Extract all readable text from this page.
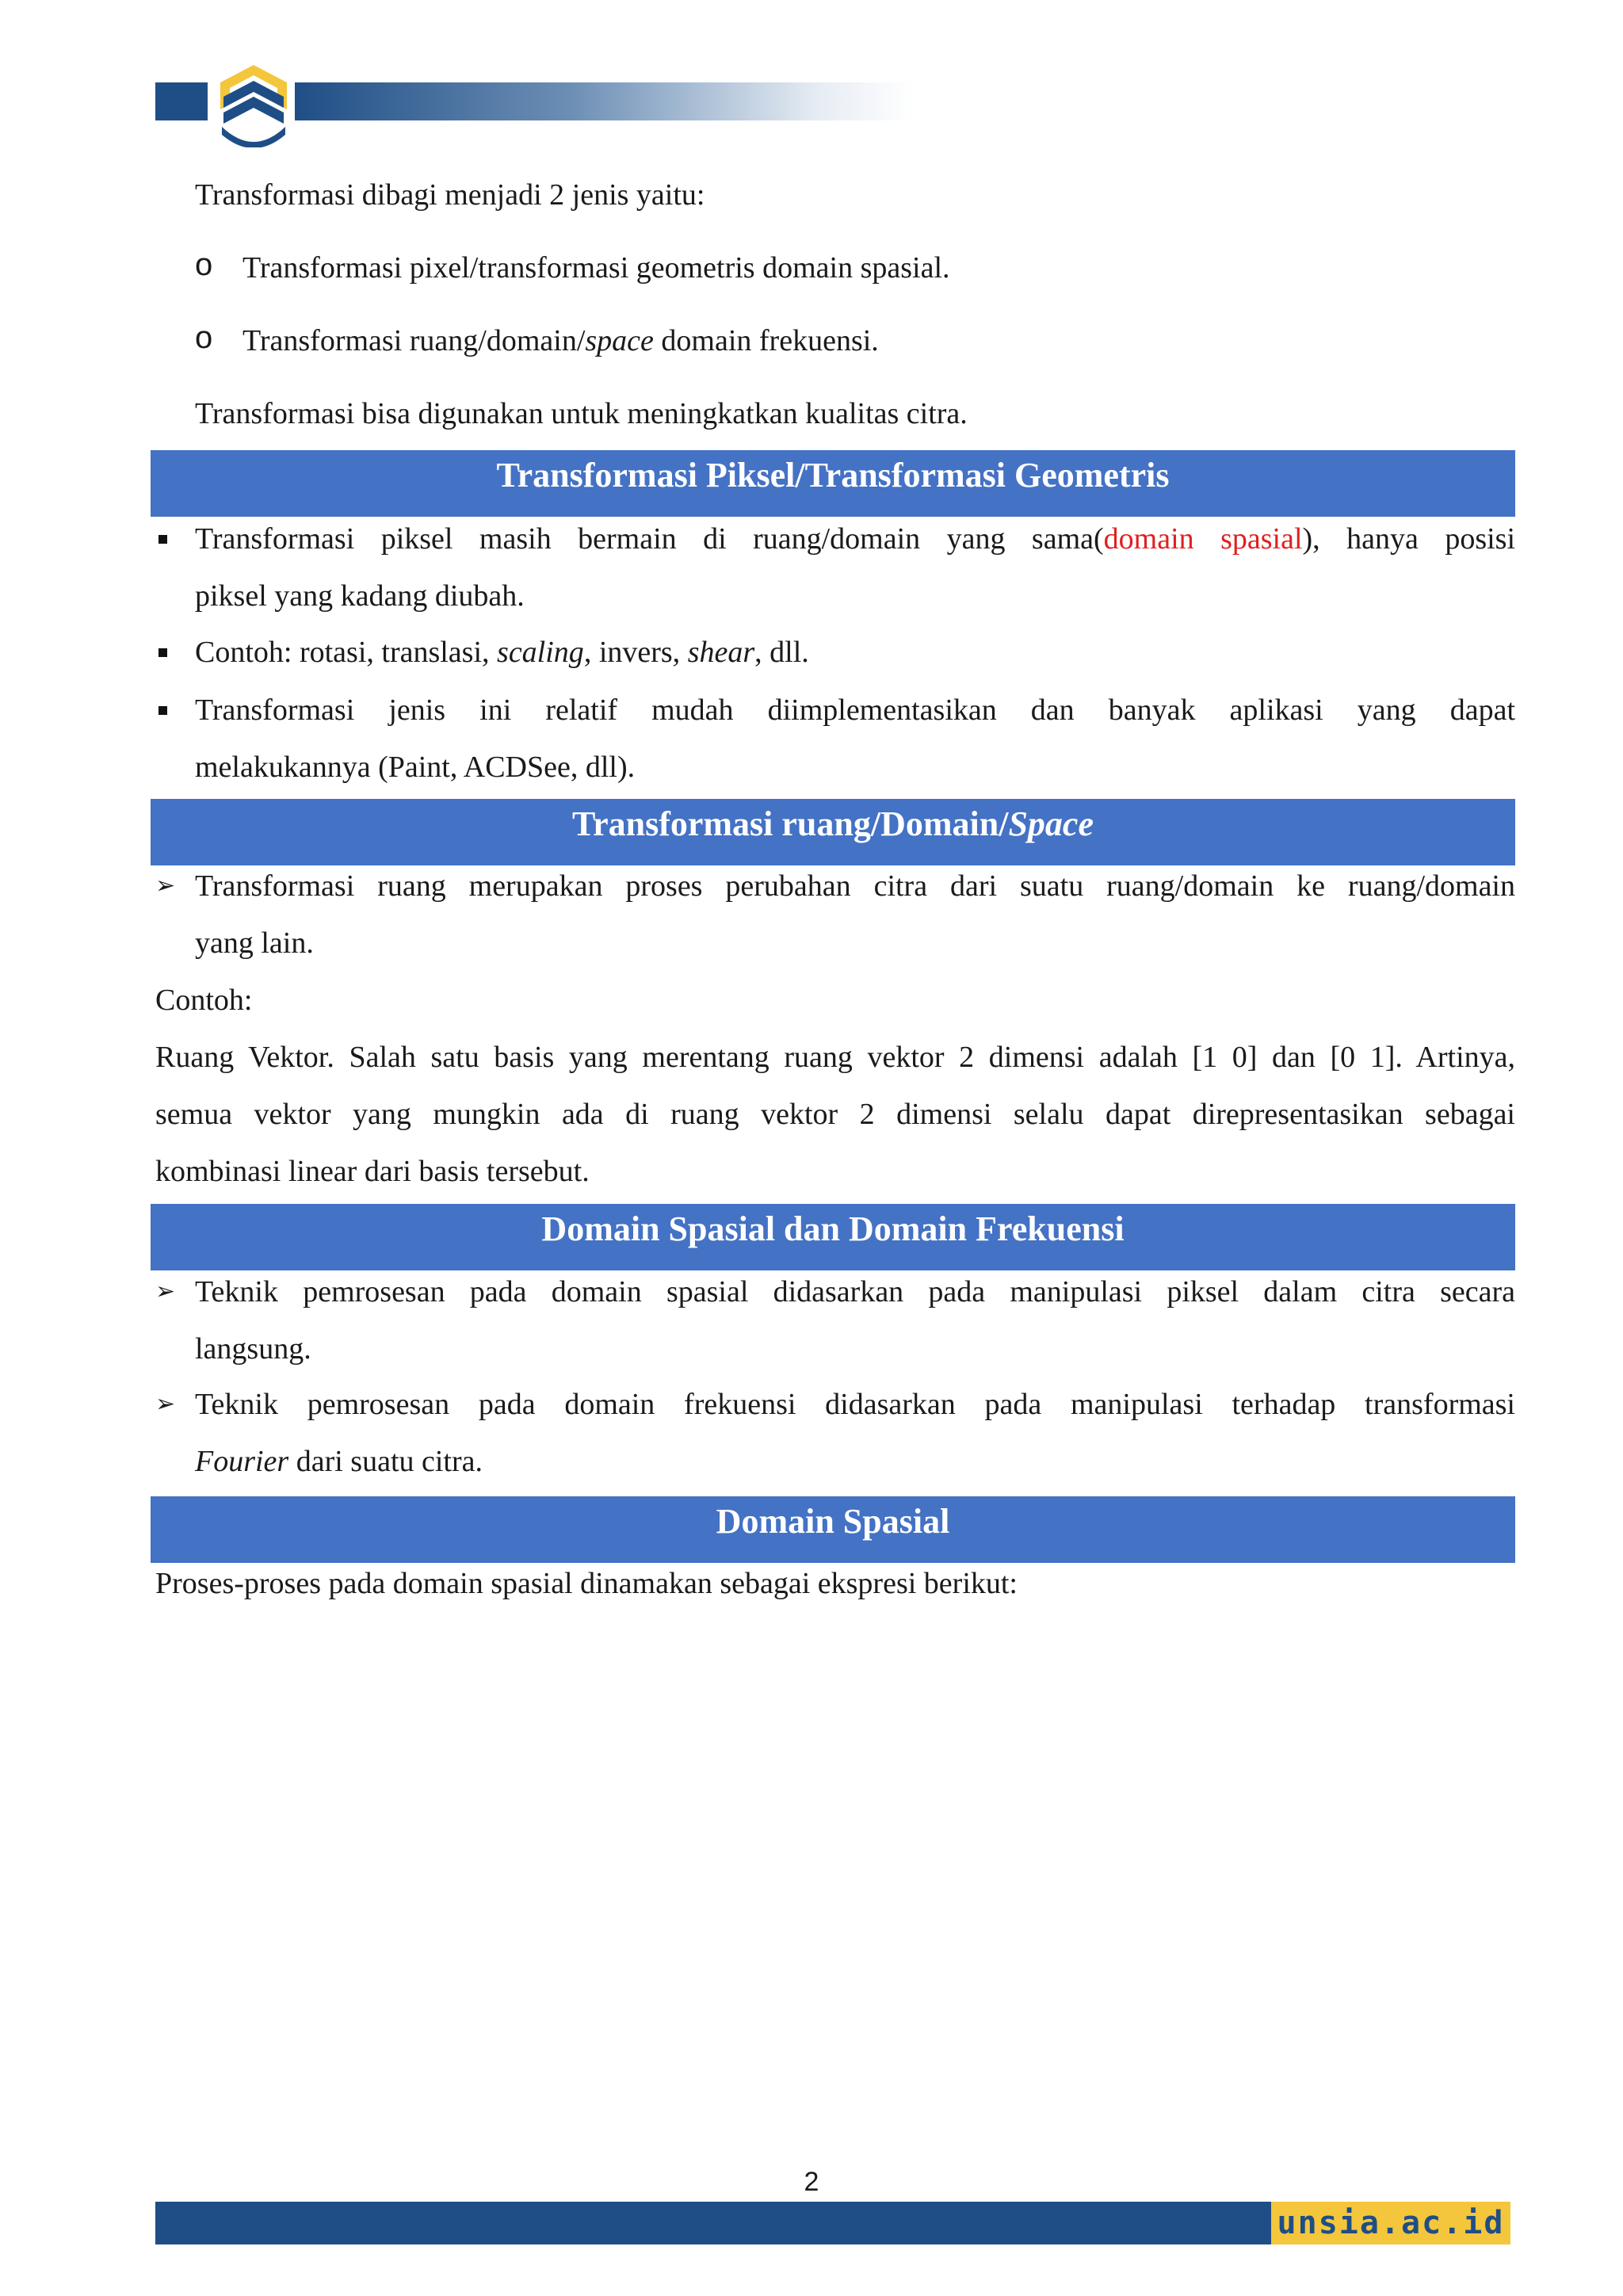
Transformasi dibagi menjadi 2 jenis yaitu:
o Transformasi pixel/transformasi geometris domain spasial.
o Transformasi ruang/domain/space domain frekuensi.
Transformasi bisa digunakan untuk meningkatkan kualitas citra.
Transformasi Piksel/Transformasi Geometris
Transformasi piksel masih bermain di ruang/domain yang sama(domain spasial), hanya posisi
piksel yang kadang diubah.
Contoh: rotasi, translasi, scaling, invers, shear, dll.
Transformasi jenis ini relatif mudah diimplementasikan dan banyak aplikasi yang dapat
melakukannya (Paint, ACDSee, dll).
Transformasi ruang/Domain/Space
➢ Transformasi ruang merupakan proses perubahan citra dari suatu ruang/domain ke ruang/domain
yang lain.
Contoh:
Ruang Vektor. Salah satu basis yang merentang ruang vektor 2 dimensi adalah [1 0] dan [0 1]. Artinya,
semua vektor yang mungkin ada di ruang vektor 2 dimensi selalu dapat direpresentasikan sebagai
kombinasi linear dari basis tersebut.
Domain Spasial dan Domain Frekuensi
➢ Teknik pemrosesan pada domain spasial didasarkan pada manipulasi piksel dalam citra secara
langsung.
➢ Teknik pemrosesan pada domain frekuensi didasarkan pada manipulasi terhadap transformasi
Fourier dari suatu citra.
Domain Spasial
Proses-proses pada domain spasial dinamakan sebagai ekspresi berikut:
2
unsia.ac.id
